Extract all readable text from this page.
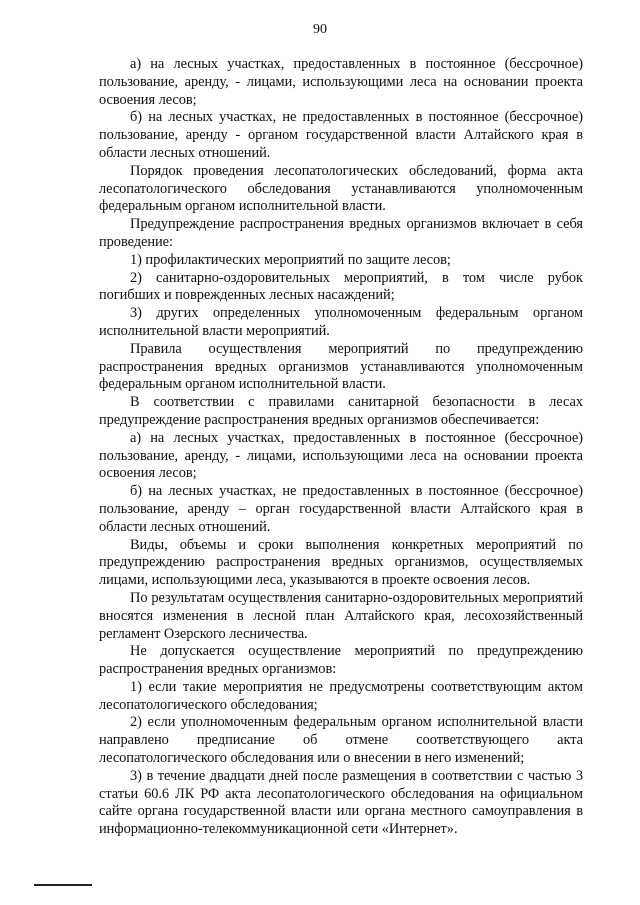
90

а) на лесных участках, предоставленных в постоянное (бессрочное) пользование, аренду, - лицами, использующими леса на основании проекта освоения лесов;

б) на лесных участках, не предоставленных в постоянное (бессрочное) пользование, аренду - органом государственной власти Алтайского края в области лесных отношений.

Порядок проведения лесопатологических обследований, форма акта лесопатологического обследования устанавливаются уполномоченным федеральным органом исполнительной власти.

Предупреждение распространения вредных организмов включает в себя проведение:

1) профилактических мероприятий по защите лесов;

2) санитарно-оздоровительных мероприятий, в том числе рубок погибших и поврежденных лесных насаждений;

3) других определенных уполномоченным федеральным органом исполнительной власти мероприятий.

Правила осуществления мероприятий по предупреждению распространения вредных организмов устанавливаются уполномоченным федеральным органом исполнительной власти.

В соответствии с правилами санитарной безопасности в лесах предупреждение распространения вредных организмов обеспечивается:

а) на лесных участках, предоставленных в постоянное (бессрочное) пользование, аренду, - лицами, использующими леса на основании проекта освоения лесов;

б) на лесных участках, не предоставленных в постоянное (бессрочное) пользование, аренду – орган государственной власти Алтайского края в области лесных отношений.

Виды, объемы и сроки выполнения конкретных мероприятий по предупреждению распространения вредных организмов, осуществляемых лицами, использующими леса, указываются в проекте освоения лесов.

По результатам осуществления санитарно-оздоровительных мероприятий вносятся изменения в лесной план Алтайского края, лесохозяйственный регламент Озерского лесничества.

Не допускается осуществление мероприятий по предупреждению распространения вредных организмов:

1) если такие мероприятия не предусмотрены соответствующим актом лесопатологического обследования;

2) если уполномоченным федеральным органом исполнительной власти направлено предписание об отмене соответствующего акта лесопатологического обследования или о внесении в него изменений;

3) в течение двадцати дней после размещения в соответствии с частью 3 статьи 60.6 ЛК РФ акта лесопатологического обследования на официальном сайте органа государственной власти или органа местного самоуправления в информационно-телекоммуникационной сети «Интернет».
